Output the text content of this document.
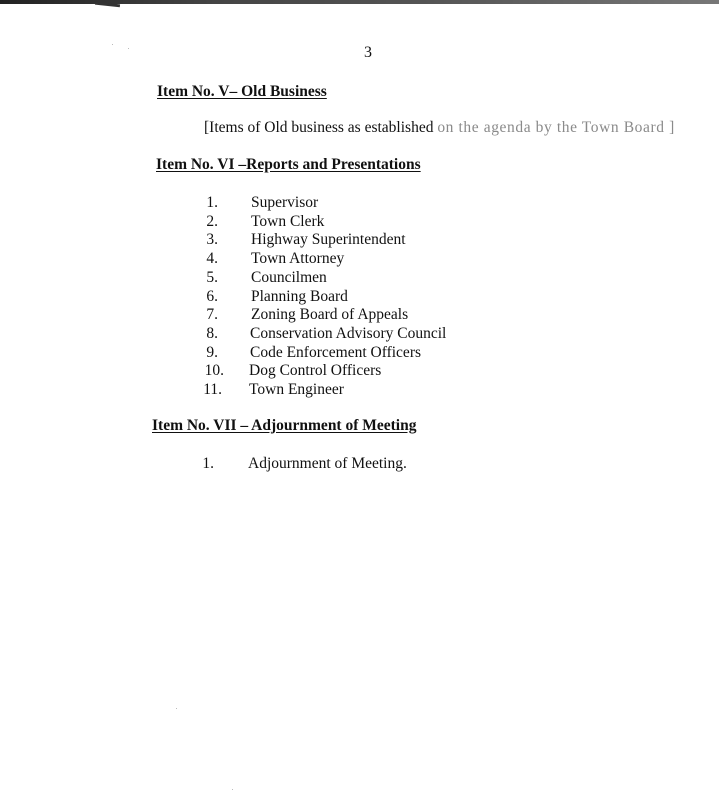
3
Item No. V– Old Business
[Items of Old business as established on the agenda by the Town Board ]
Item No. VI –Reports and Presentations
1. Supervisor
2. Town Clerk
3. Highway Superintendent
4. Town Attorney
5. Councilmen
6. Planning Board
7. Zoning Board of Appeals
8. Conservation Advisory Council
9. Code Enforcement Officers
10. Dog Control Officers
11. Town Engineer
Item No. VII – Adjournment of Meeting
1. Adjournment of Meeting.
